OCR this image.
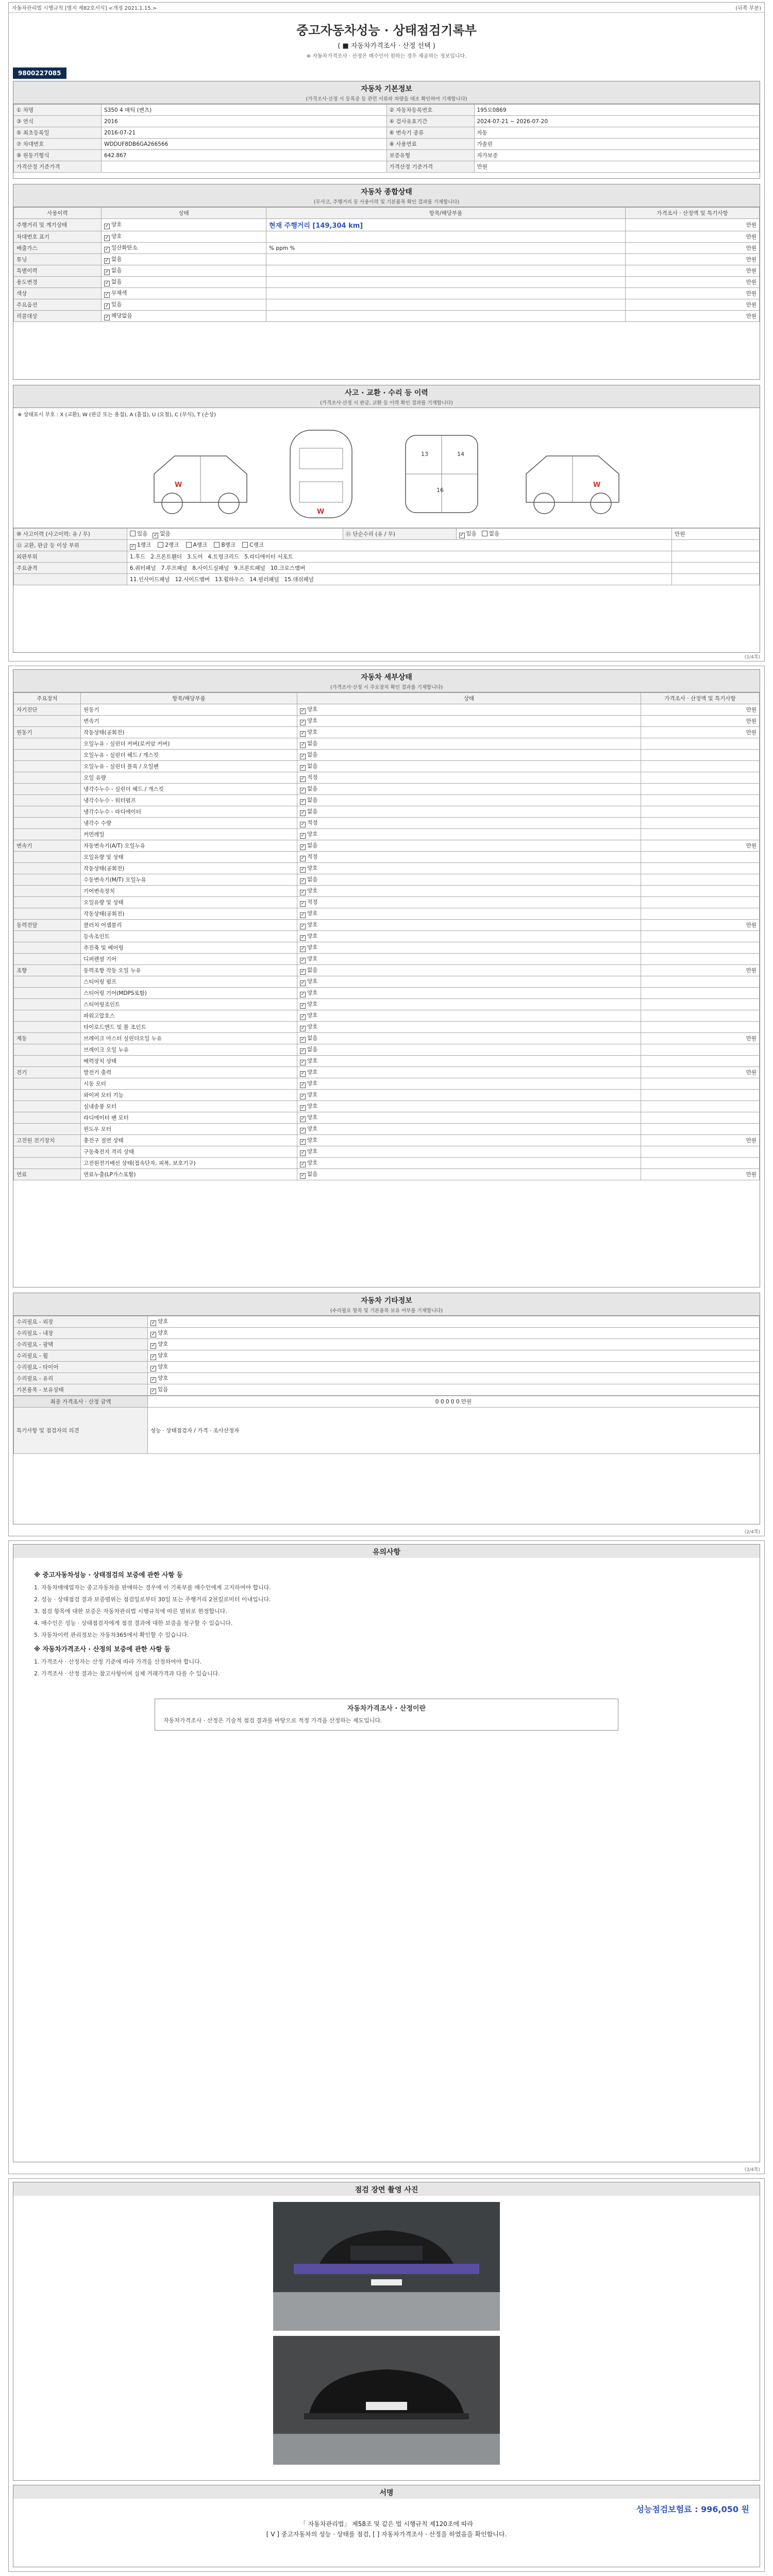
자동차관리법 시행규칙 [별지 제82호서식] <개정 2021.1.15.>	(뒤쪽 부분)
중고자동차성능 · 상태점검기록부
( ■ 자동차가격조사 · 산정 선택 )
※ 자동차가격조사 · 산정은 매수인이 원하는 경우 제공하는 정보입니다.
9800227085
자동차 기본정보
(가격조사·산정 시 등록증 등 관련 서류와 차량을 대조 확인하여 기재합니다)
① 차명	S350 4 매틱 (벤츠)	② 자동차등록번호	195모0869
③ 연식	2016	④ 검사유효기간	2024-07-21 ~ 2026-07-20
⑤ 최초등록일	2016-07-21	⑥ 변속기 종류	자동
⑦ 차대번호	WDDUF8DB6GA266566	⑧ 사용연료	가솔린
⑨ 원동기형식	642.867	보증유형	자가보증
가격산정 기준가격		가격산정 기준가격	만원
자동차 종합상태
(무사고, 주행거리 등 사용이력 및 기본품목 확인 결과를 기재합니다)
사용이력	상태	항목/해당부품	가격조사 · 산정액 및 특기사항
주행거리 및 계기상태	✓양호	현재 주행거리 [149,304 km]	만원
차대번호 표기	✓양호		만원
배출가스	✓일산화탄소	% ppm %	만원
튜닝	✓없음		만원
특별이력	✓없음		만원
용도변경	✓없음		만원
색상	✓무채색		만원
주요옵션	✓있음		만원
리콜대상	✓해당없음		만원
사고 · 교환 · 수리 등 이력
(가격조사·산정 시 판금, 교환 등 이력 확인 결과를 기재합니다)
※ 상태표시 부호 : X (교환), W (판금 또는 용접), A (흠집), U (요철), C (부식), T (손상)
W
W
13	14
16
W
⑩ 사고이력 (사고이력: 유 / 무)	있음 ✓ 없음	⑪ 단순수리 (유 / 무)	✓있음 없음	만원
⑫ 교환, 판금 등 이상 부위	✓1랭크 2랭크 A랭크 B랭크 C랭크	
외판부위	1.후드   2.프론트휀더   3.도어   4.트렁크리드   5.라디에이터 서포트			
주요골격	6.쿼터패널   7.루프패널   8.사이드실패널   9.프론트패널   10.크로스멤버			
	11.인사이드패널   12.사이드멤버   13.휠하우스   14.필러패널   15.대쉬패널			
(1/4쪽)
자동차 세부상태
(가격조사·산정 시 주요장치 확인 결과를 기재합니다)
주요장치	항목/해당부품	상태	가격조사 · 산정액 및 특기사항
자기진단	원동기	✓양호	만원
	변속기	✓양호	만원
원동기	작동상태(공회전)	✓양호	만원
	오일누유 - 실린더 커버(로커암 커버)	✓없음	
	오일누유 - 실린더 헤드 / 개스킷	✓없음	
	오일누유 - 실린더 블록 / 오일팬	✓없음	
	오일 유량	✓적정	
	냉각수누수 - 실린더 헤드 / 개스킷	✓없음	
	냉각수누수 - 워터펌프	✓없음	
	냉각수누수 - 라디에이터	✓없음	
	냉각수 수량	✓적정	
	커먼레일	✓양호	
변속기	자동변속기(A/T) 오일누유	✓없음	만원
	오일유량 및 상태	✓적정	
	작동상태(공회전)	✓양호	
	수동변속기(M/T) 오일누유	✓없음	
	기어변속장치	✓양호	
	오일유량 및 상태	✓적정	
	작동상태(공회전)	✓양호	
동력전달	클러치 어셈블리	✓양호	만원
	등속조인트	✓양호	
	추진축 및 베어링	✓양호	
	디퍼렌셜 기어	✓양호	
조향	동력조향 작동 오일 누유	✓없음	만원
	스티어링 펌프	✓양호	
	스티어링 기어(MDPS포함)	✓양호	
	스티어링조인트	✓양호	
	파워고압호스	✓양호	
	타이로드엔드 및 볼 조인트	✓양호	
제동	브레이크 마스터 실린더오일 누유	✓없음	만원
	브레이크 오일 누유	✓없음	
	배력장치 상태	✓양호	
전기	발전기 출력	✓양호	만원
	시동 모터	✓양호	
	와이퍼 모터 기능	✓양호	
	실내송풍 모터	✓양호	
	라디에이터 팬 모터	✓양호	
	윈도우 모터	✓양호	
고전원 전기장치	충전구 절연 상태	✓양호	만원
	구동축전지 격리 상태	✓양호	
	고전원전기배선 상태(접속단자, 피복, 보호기구)	✓양호	
연료	연료누출(LP가스포함)	✓없음	만원
자동차 기타정보
(수리필요 항목 및 기본품목 보유 여부를 기재합니다)
수리필요 - 외장	✓양호
수리필요 - 내장	✓양호
수리필요 - 광택	✓양호
수리필요 - 휠	✓양호
수리필요 - 타이어	✓양호
수리필요 - 유리	✓양호
기본품목 - 보유상태	✓있음
최종 가격조사 · 산정 금액	0 0 0 0 0 만원
특기사항 및 점검자의 의견	성능 · 상태점검자 / 가격 · 조사산정자
(2/4쪽)
유의사항
※ 중고자동차성능 · 상태점검의 보증에 관한 사항 등

1. 자동차매매업자는 중고자동차를 판매하는 경우에 이 기록부를 매수인에게 고지하여야 합니다.

2. 성능 · 상태점검 결과 보증범위는 점검일로부터 30일 또는 주행거리 2천킬로미터 이내입니다.

3. 점검 항목에 대한 보증은 자동차관리법 시행규칙에 따른 범위로 한정합니다.

4. 매수인은 성능 · 상태점검자에게 점검 결과에 대한 보증을 청구할 수 있습니다.

5. 자동차이력 관리정보는 자동차365에서 확인할 수 있습니다.

※ 자동차가격조사 · 산정의 보증에 관한 사항 등

1. 가격조사 · 산정자는 산정 기준에 따라 가격을 산정하여야 합니다.

2. 가격조사 · 산정 결과는 참고사항이며 실제 거래가격과 다를 수 있습니다.

자동차가격조사 · 산정이란
자동차가격조사 · 산정은 기술적 점검 결과를 바탕으로 적정 가격을 산정하는 제도입니다.
(3/4쪽)
점검 장면 촬영 사진
서명
성능점검보험료 : 996,050 원
「 자동차관리법」 제58조 및 같은 법 시행규칙 제120조에 따라
[ V ] 중고자동차의 성능 · 상태를 점검, [ ] 자동차가격조사 · 산정을 하였음을 확인합니다.
